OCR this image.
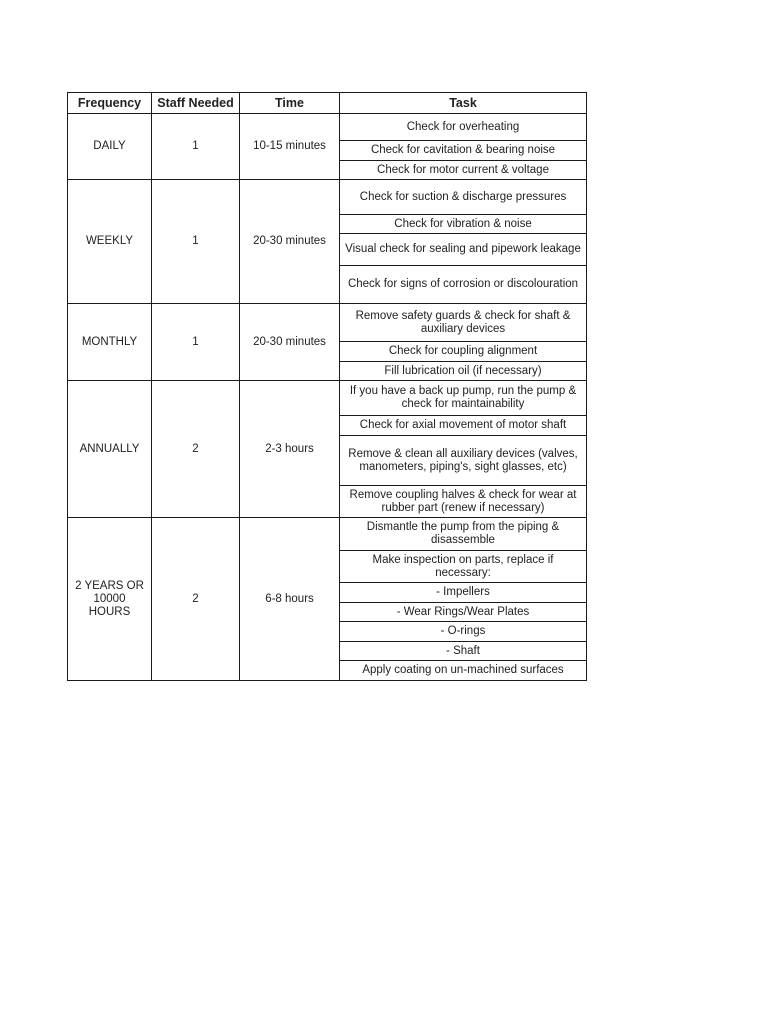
Frequency	Staff Needed	Time	Task
DAILY	1	10-15 minutes	Check for overheating
			Check for cavitation & bearing noise
			Check for motor current & voltage
WEEKLY	1	20-30 minutes	Check for suction & discharge pressures
			Check for vibration & noise
			Visual check for sealing and pipework leakage
			Check for signs of corrosion or discolouration
MONTHLY	1	20-30 minutes	Remove safety guards & check for shaft & auxiliary devices
			Check for coupling alignment
			Fill lubrication oil (if necessary)
ANNUALLY	2	2-3 hours	If you have a back up pump, run the pump & check for maintainability
			Check for axial movement of motor shaft
			Remove & clean all auxiliary devices (valves, manometers, piping's, sight glasses, etc)
			Remove coupling halves & check for wear at rubber part (renew if necessary)
2 YEARS OR 10000 HOURS	2	6-8 hours	Dismantle the pump from the piping & disassemble
			Make inspection on parts, replace if necessary:
			- Impellers
			- Wear Rings/Wear Plates
			- O-rings
			- Shaft
			Apply coating on un-machined surfaces
